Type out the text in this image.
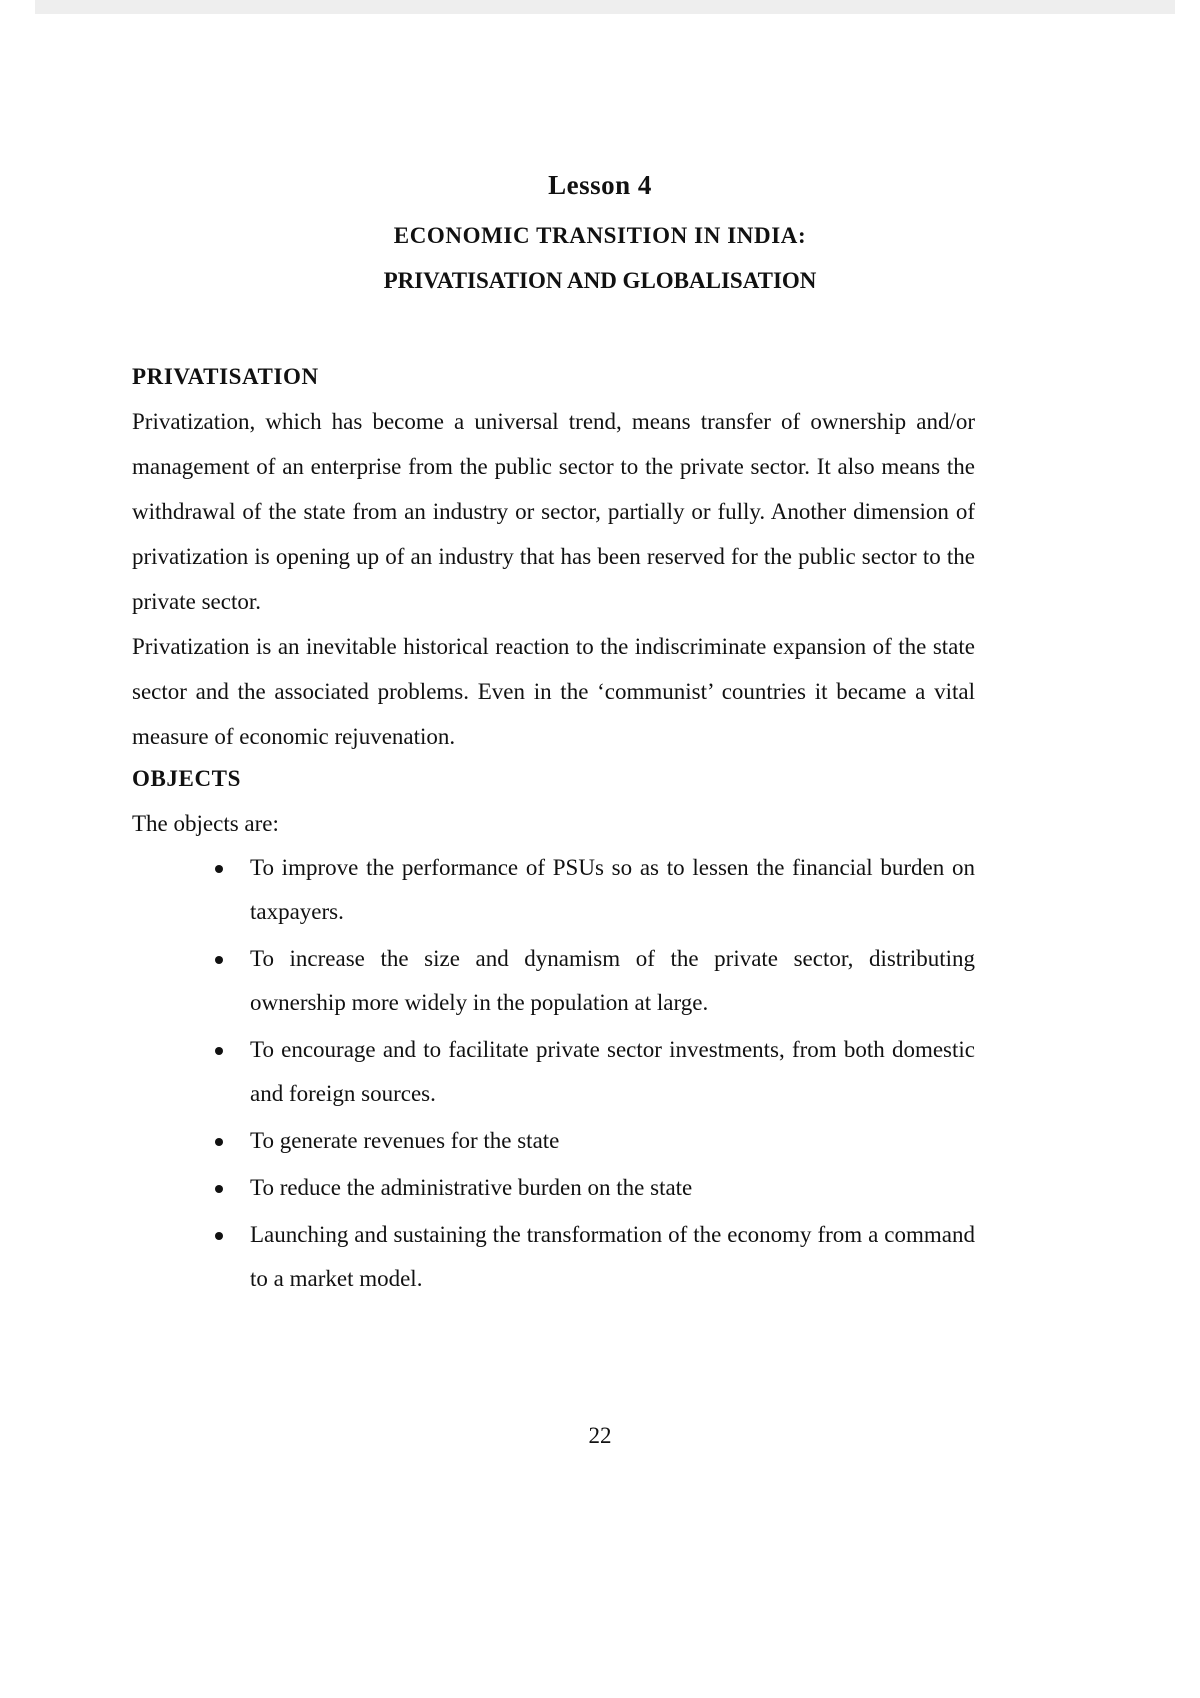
Lesson 4

ECONOMIC TRANSITION IN INDIA:

PRIVATISATION AND GLOBALISATION

PRIVATISATION

Privatization, which has become a universal trend, means transfer of ownership and/or management of an enterprise from the public sector to the private sector. It also means the withdrawal of the state from an industry or sector, partially or fully. Another dimension of privatization is opening up of an industry that has been reserved for the public sector to the private sector.

Privatization is an inevitable historical reaction to the indiscriminate expansion of the state sector and the associated problems. Even in the ‘communist’ countries it became a vital measure of economic rejuvenation.

OBJECTS

The objects are:

To improve the performance of PSUs so as to lessen the financial burden on taxpayers.
To increase the size and dynamism of the private sector, distributing ownership more widely in the population at large.
To encourage and to facilitate private sector investments, from both domestic and foreign sources.
To generate revenues for the state
To reduce the administrative burden on the state
Launching and sustaining the transformation of the economy from a command to a market model.

22
